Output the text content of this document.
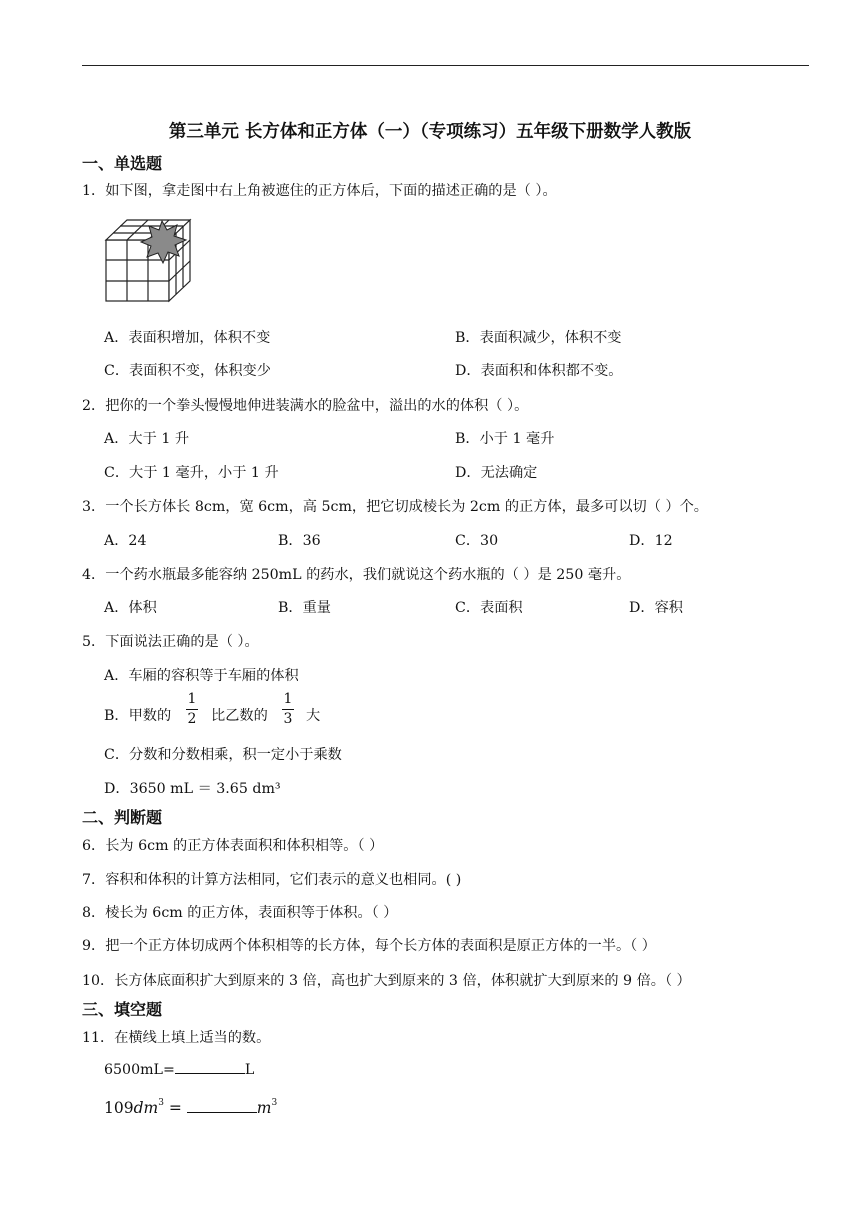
第三单元 长方体和正方体（一）（专项练习）五年级下册数学人教版
一、单选题
1．如下图，拿走图中右上角被遮住的正方体后，下面的描述正确的是（ ）。
A．表面积增加，体积不变	B．表面积减少，体积不变
C．表面积不变，体积变少	D．表面积和体积都不变。
2．把你的一个拳头慢慢地伸进装满水的脸盆中，溢出的水的体积（ ）。
A．大于 1 升	B．小于 1 毫升
C．大于 1 毫升，小于 1 升	D．无法确定
3．一个长方体长 8cm，宽 6cm，高 5cm，把它切成棱长为 2cm 的正方体，最多可以切（ ）个。
A．24	B．36	C．30	D．12
4．一个药水瓶最多能容纳 250mL 的药水，我们就说这个药水瓶的（ ）是 250 毫升。
A．体积	B．重量	C．表面积	D．容积
5．下面说法正确的是（ ）。
A．车厢的容积等于车厢的体积
B．甲数的
1
2 比乙数的
1
3 大
C．分数和分数相乘，积一定小于乘数
D．3650 mL ＝ 3.65 dm³
二、判断题
6．长为 6cm 的正方体表面积和体积相等。（ ）
7．容积和体积的计算方法相同，它们表示的意义也相同。( )
8．棱长为 6cm 的正方体，表面积等于体积。（ ）
9．把一个正方体切成两个体积相等的长方体，每个长方体的表面积是原正方体的一半。（ ）
10．长方体底面积扩大到原来的 3 倍，高也扩大到原来的 3 倍，体积就扩大到原来的 9 倍。（ ）
三、填空题
11．在横线上填上适当的数。
6500mL=	L
$109dm^3$ =	$m^3$
